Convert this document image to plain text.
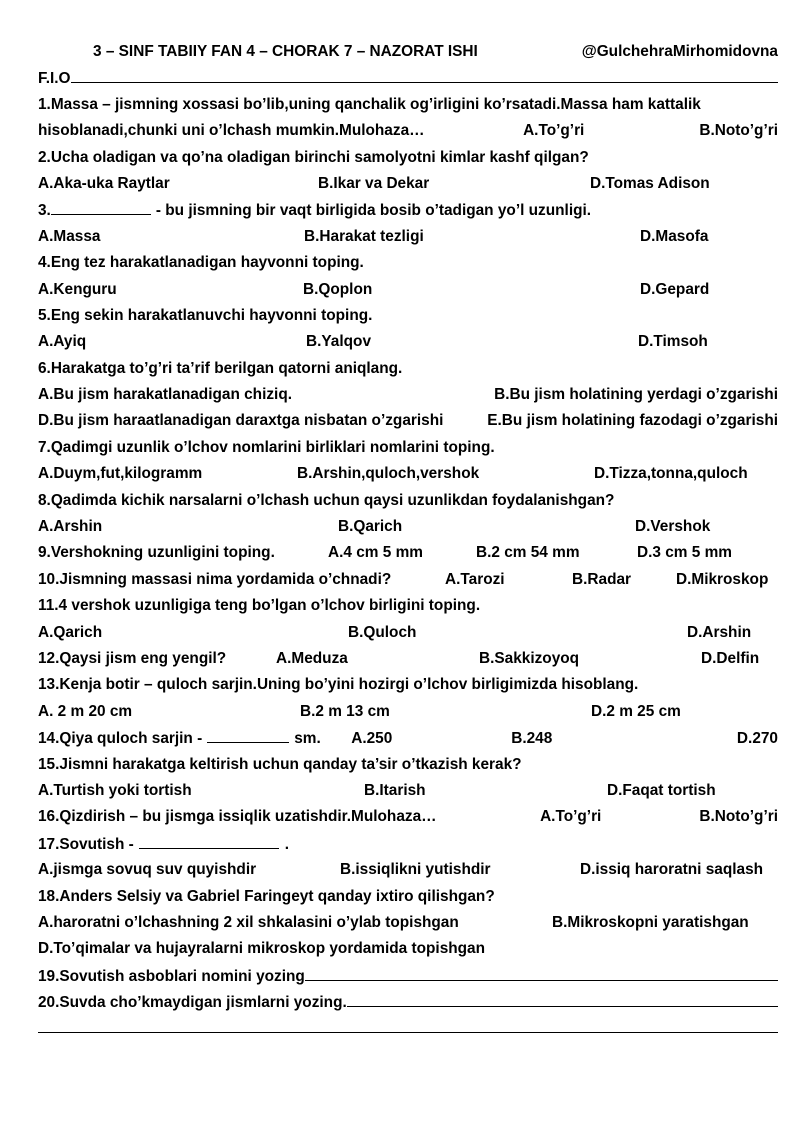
3 – SINF TABIIY FAN 4 – CHORAK 7 – NAZORAT ISHI	@GulchehraMirhomidovna
F.I.O
1.Massa – jismning xossasi bo’lib,uning qanchalik og’irligini ko’rsatadi.Massa ham kattalik
hisoblanadi,chunki uni o’lchash mumkin.Mulohaza…	A.To’g’ri	B.Noto’g’ri
2.Ucha oladigan va qo’na oladigan birinchi samolyotni kimlar kashf qilgan?
A.Aka-uka Raytlar	B.Ikar va Dekar	D.Tomas Adison
3.	- bu jismning bir vaqt birligida bosib o’tadigan yo’l uzunligi.
A.Massa	B.Harakat tezligi	D.Masofa
4.Eng tez harakatlanadigan hayvonni toping.
A.Kenguru	B.Qoplon	D.Gepard
5.Eng sekin harakatlanuvchi hayvonni toping.
A.Ayiq	B.Yalqov	D.Timsoh
6.Harakatga to’g’ri ta’rif berilgan qatorni aniqlang.
A.Bu jism harakatlanadigan chiziq.	B.Bu jism holatining yerdagi o’zgarishi
D.Bu jism haraatlanadigan daraxtga nisbatan o’zgarishi	E.Bu jism holatining fazodagi o’zgarishi
7.Qadimgi uzunlik o’lchov nomlarini birliklari nomlarini toping.
A.Duym,fut,kilogramm	B.Arshin,quloch,vershok	D.Tizza,tonna,quloch
8.Qadimda kichik narsalarni o’lchash uchun qaysi uzunlikdan foydalanishgan?
A.Arshin	B.Qarich	D.Vershok
9.Vershokning uzunligini toping.	A.4 cm 5 mm	B.2 cm 54 mm	D.3 cm 5 mm
10.Jismning massasi nima yordamida o’chnadi?	A.Tarozi	B.Radar	D.Mikroskop
11.4 vershok uzunligiga teng bo’lgan o’lchov birligini toping.
A.Qarich	B.Quloch	D.Arshin
12.Qaysi jism eng yengil?	A.Meduza	B.Sakkizoyoq	D.Delfin
13.Kenja botir – quloch sarjin.Uning bo’yini hozirgi o’lchov birligimizda hisoblang.
A. 2 m 20 cm	B.2 m 13 cm	D.2 m 25 cm
14.Qiya quloch sarjin -	sm.	A.250	B.248	D.270
15.Jismni harakatga keltirish uchun qanday ta’sir o’tkazish kerak?
A.Turtish yoki tortish	B.Itarish	D.Faqat tortish
16.Qizdirish – bu jismga issiqlik uzatishdir.Mulohaza…	A.To’g’ri	B.Noto’g’ri
17.Sovutish -	.
A.jismga sovuq suv quyishdir	B.issiqlikni yutishdir	D.issiq haroratni saqlash
18.Anders Selsiy va Gabriel Faringeyt qanday ixtiro qilishgan?
A.haroratni o’lchashning 2 xil shkalasini o’ylab topishgan	B.Mikroskopni yaratishgan
D.To’qimalar va hujayralarni mikroskop yordamida topishgan
19.Sovutish asboblari nomini yozing
20.Suvda cho’kmaydigan jismlarni yozing.
